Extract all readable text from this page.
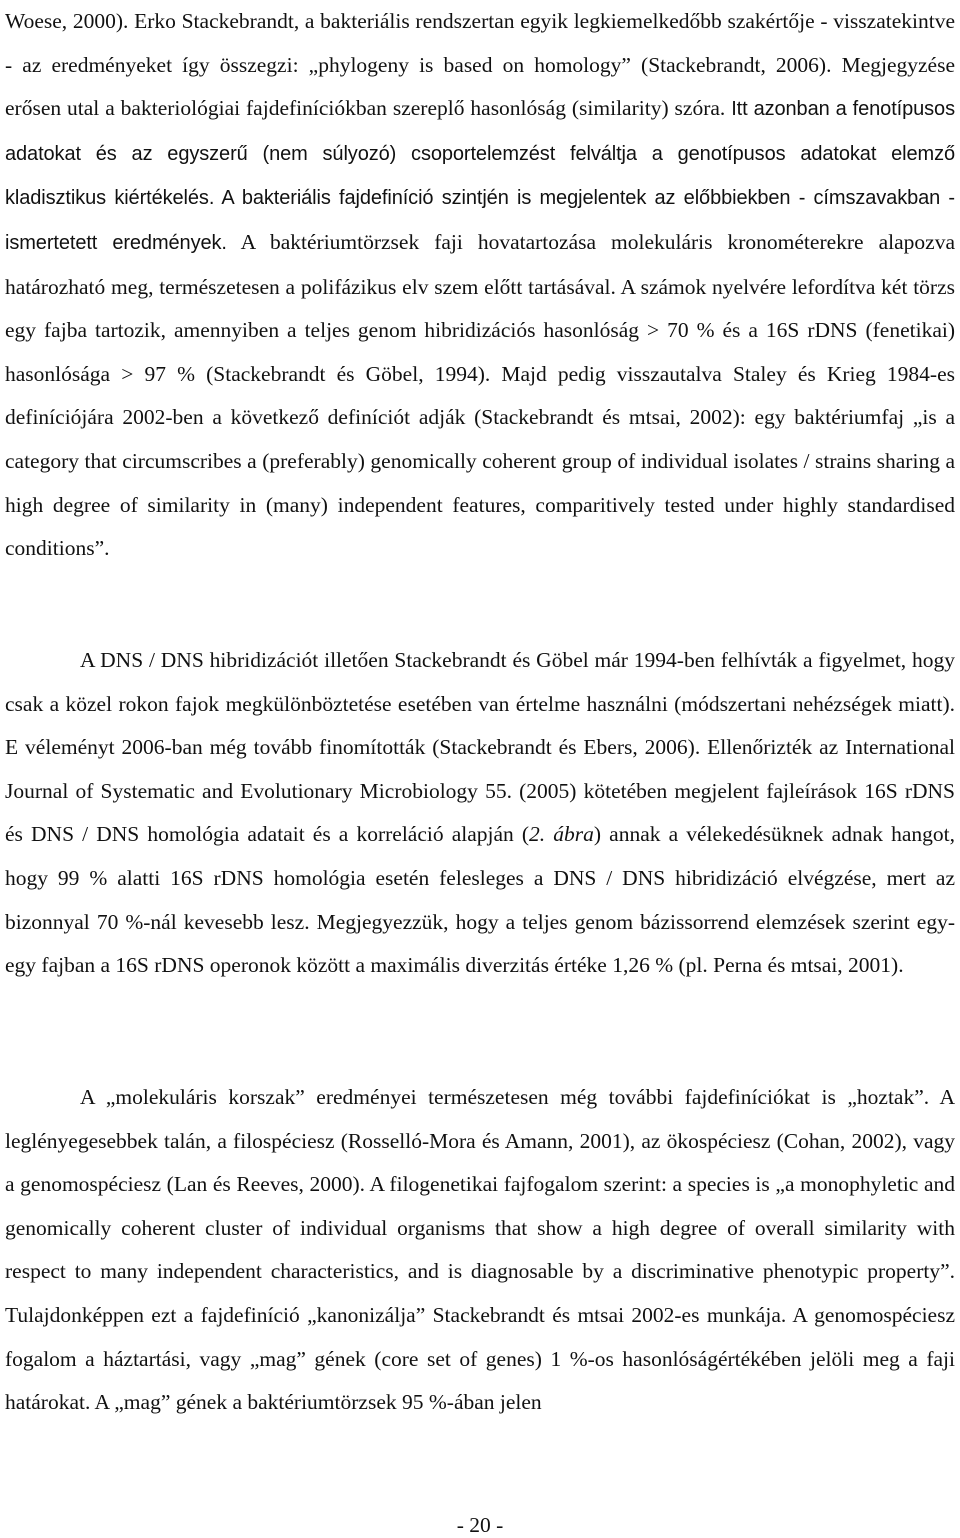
Woese, 2000). Erko Stackebrandt, a bakteriális rendszertan egyik legkiemelkedőbb szakértője - visszatekintve - az eredményeket így összegzi: „phylogeny is based on homology” (Stackebrandt, 2006). Megjegyzése erősen utal a bakteriológiai fajdefiníciókban szereplő hasonlóság (similarity) szóra. Itt azonban a fenotípusos adatokat és az egyszerű (nem súlyozó) csoportelemzést felváltja a genotípusos adatokat elemző kladisztikus kiértékelés. A bakteriális fajdefiníció szintjén is megjelentek az előbbiekben - címszavakban - ismertetett eredmények. A baktériumtörzsek faji hovatartozása molekuláris kronométerekre alapozva határozható meg, természetesen a polifázikus elv szem előtt tartásával. A számok nyelvére lefordítva két törzs egy fajba tartozik, amennyiben a teljes genom hibridizációs hasonlóság > 70 % és a 16S rDNS (fenetikai) hasonlósága > 97 % (Stackebrandt és Göbel, 1994). Majd pedig visszautalva Staley és Krieg 1984-es definíciójára 2002-ben a következő definíciót adják (Stackebrandt és mtsai, 2002): egy baktériumfaj „is a category that circumscribes a (preferably) genomically coherent group of individual isolates / strains sharing a high degree of similarity in (many) independent features, comparitively tested under highly standardised conditions”.

A DNS / DNS hibridizációt illetően Stackebrandt és Göbel már 1994-ben felhívták a figyelmet, hogy csak a közel rokon fajok megkülönböztetése esetében van értelme használni (módszertani nehézségek miatt). E véleményt 2006-ban még tovább finomították (Stackebrandt és Ebers, 2006). Ellenőrizték az International Journal of Systematic and Evolutionary Microbiology 55. (2005) kötetében megjelent fajleírások 16S rDNS és DNS / DNS homológia adatait és a korreláció alapján (2. ábra) annak a vélekedésüknek adnak hangot, hogy 99 % alatti 16S rDNS homológia esetén felesleges a DNS / DNS hibridizáció elvégzése, mert az bizonnyal 70 %-nál kevesebb lesz. Megjegyezzük, hogy a teljes genom bázissorrend elemzések szerint egy-egy fajban a 16S rDNS operonok között a maximális diverzitás értéke 1,26 % (pl. Perna és mtsai, 2001).

A „molekuláris korszak” eredményei természetesen még további fajdefiníciókat is „hoztak”. A leglényegesebbek talán, a filospéciesz (Rosselló-Mora és Amann, 2001), az ökospéciesz (Cohan, 2002), vagy a genomospéciesz (Lan és Reeves, 2000). A filogenetikai fajfogalom szerint: a species is „a monophyletic and genomically coherent cluster of individual organisms that show a high degree of overall similarity with respect to many independent characteristics, and is diagnosable by a discriminative phenotypic property”. Tulajdonképpen ezt a fajdefiníció „kanonizálja” Stackebrandt és mtsai 2002-es munkája. A genomospéciesz fogalom a háztartási, vagy „mag” gének (core set of genes) 1 %-os hasonlóságértékében jelöli meg a faji határokat. A „mag” gének a baktériumtörzsek 95 %-ában jelen

- 20 -
